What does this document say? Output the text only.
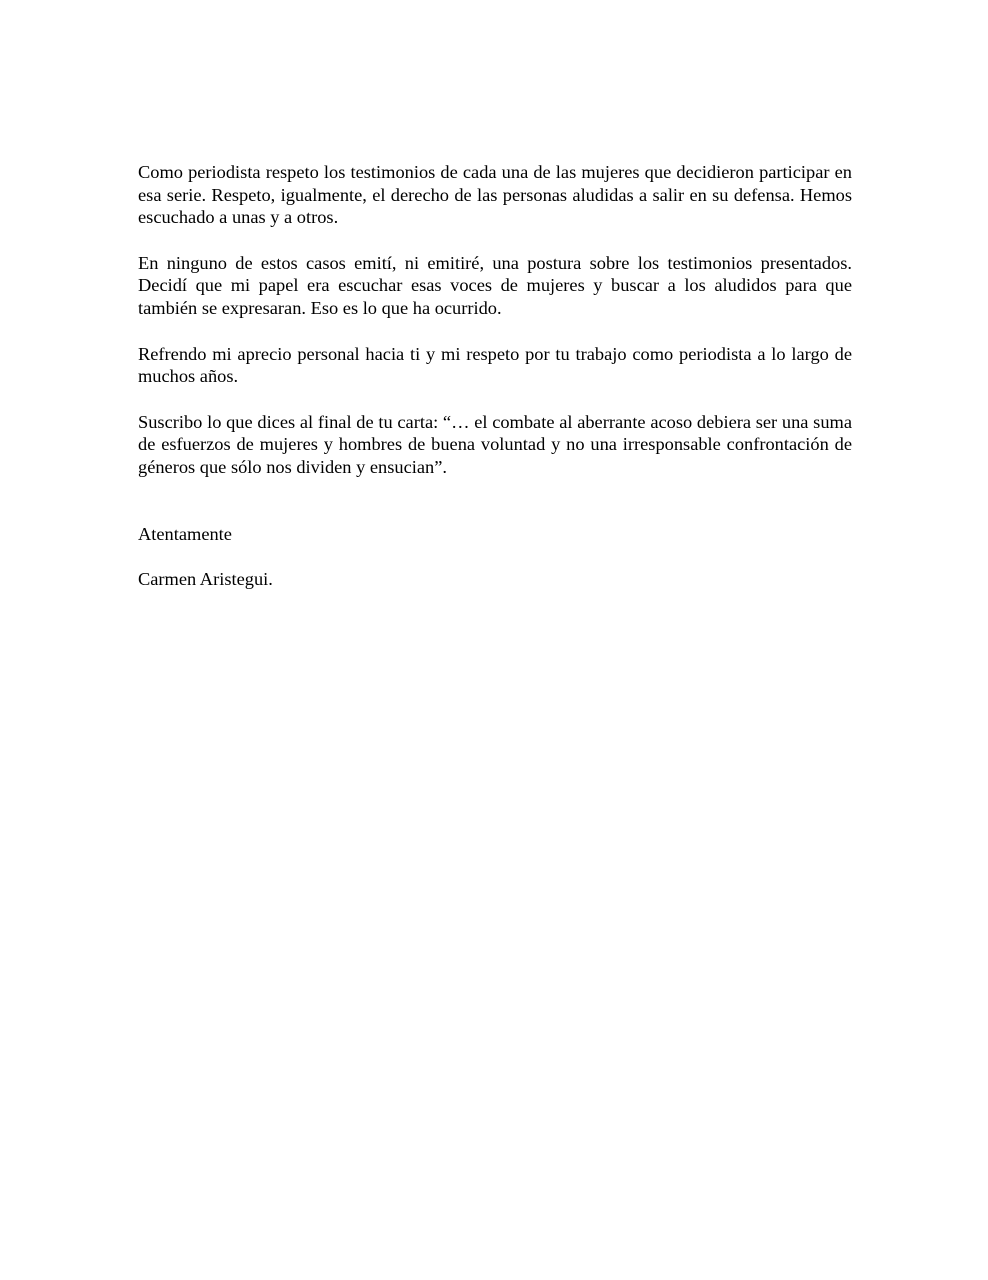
Como periodista respeto los testimonios de cada una de las mujeres que decidieron participar en esa serie. Respeto, igualmente, el derecho de las personas aludidas a salir en su defensa. Hemos escuchado a unas y a otros.

En ninguno de estos casos emití, ni emitiré, una postura sobre los testimonios presentados. Decidí que mi papel era escuchar esas voces de mujeres y buscar a los aludidos para que también se expresaran. Eso es lo que ha ocurrido.

Refrendo mi aprecio personal hacia ti y mi respeto por tu trabajo como periodista a lo largo de muchos años.

Suscribo lo que dices al final de tu carta: “… el combate al aberrante acoso debiera ser una suma de esfuerzos de mujeres y hombres de buena voluntad y no una irresponsable confrontación de géneros que sólo nos dividen y ensucian”.

Atentamente

Carmen Aristegui.
